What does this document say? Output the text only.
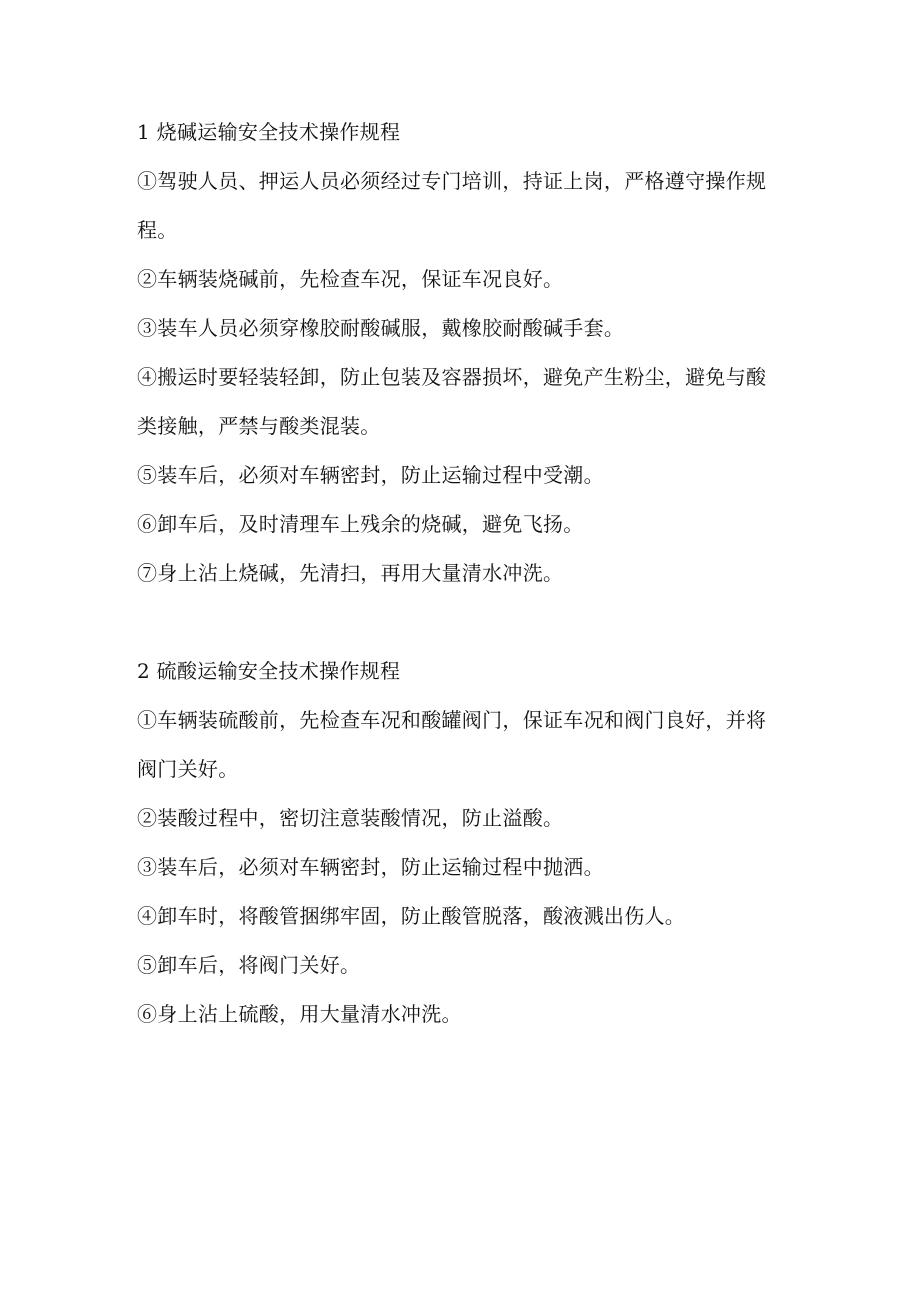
1 烧碱运输安全技术操作规程

①驾驶人员、押运人员必须经过专门培训，持证上岗，严格遵守操作规程。

②车辆装烧碱前，先检查车况，保证车况良好。

③装车人员必须穿橡胶耐酸碱服，戴橡胶耐酸碱手套。

④搬运时要轻装轻卸，防止包装及容器损坏，避免产生粉尘，避免与酸类接触，严禁与酸类混装。

⑤装车后，必须对车辆密封，防止运输过程中受潮。

⑥卸车后，及时清理车上残余的烧碱，避免飞扬。

⑦身上沾上烧碱，先清扫，再用大量清水冲洗。

2 硫酸运输安全技术操作规程

①车辆装硫酸前，先检查车况和酸罐阀门，保证车况和阀门良好，并将阀门关好。

②装酸过程中，密切注意装酸情况，防止溢酸。

③装车后，必须对车辆密封，防止运输过程中抛洒。

④卸车时，将酸管捆绑牢固，防止酸管脱落，酸液溅出伤人。

⑤卸车后，将阀门关好。

⑥身上沾上硫酸，用大量清水冲洗。
